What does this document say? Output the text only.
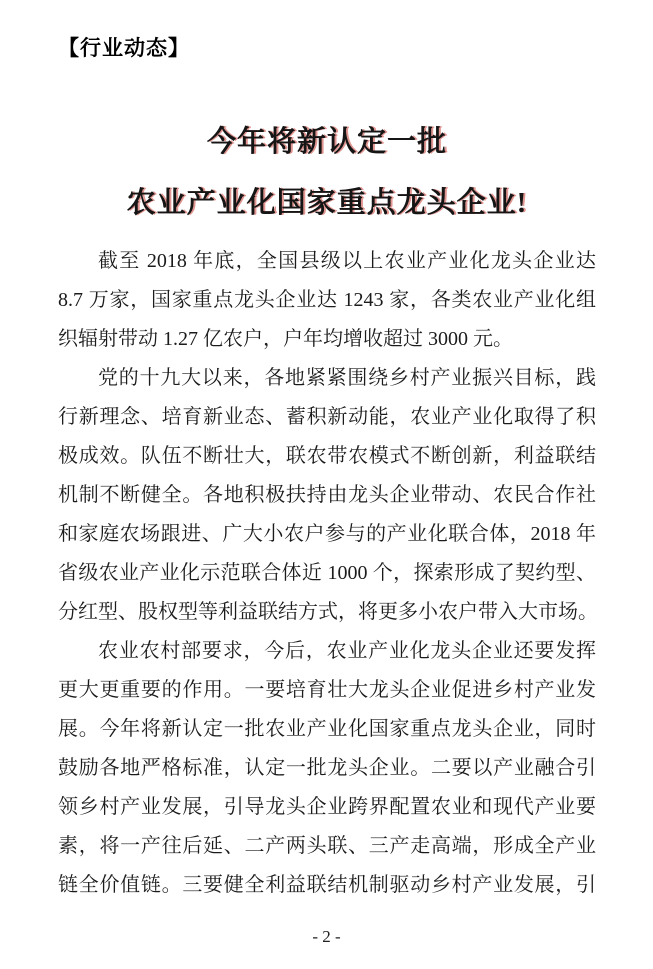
【行业动态】
今年将新认定一批
农业产业化国家重点龙头企业!
截至 2018 年底，全国县级以上农业产业化龙头企业达
8.7 万家，国家重点龙头企业达 1243 家，各类农业产业化组
织辐射带动 1.27 亿农户，户年均增收超过 3000 元。
党的十九大以来，各地紧紧围绕乡村产业振兴目标，践
行新理念、培育新业态、蓄积新动能，农业产业化取得了积
极成效。队伍不断壮大，联农带农模式不断创新，利益联结
机制不断健全。各地积极扶持由龙头企业带动、农民合作社
和家庭农场跟进、广大小农户参与的产业化联合体，2018 年
省级农业产业化示范联合体近 1000 个，探索形成了契约型、
分红型、股权型等利益联结方式，将更多小农户带入大市场。
农业农村部要求，今后，农业产业化龙头企业还要发挥
更大更重要的作用。一要培育壮大龙头企业促进乡村产业发
展。今年将新认定一批农业产业化国家重点龙头企业，同时
鼓励各地严格标准，认定一批龙头企业。二要以产业融合引
领乡村产业发展，引导龙头企业跨界配置农业和现代产业要
素，将一产往后延、二产两头联、三产走高端，形成全产业
链全价值链。三要健全利益联结机制驱动乡村产业发展，引
- 2 -
